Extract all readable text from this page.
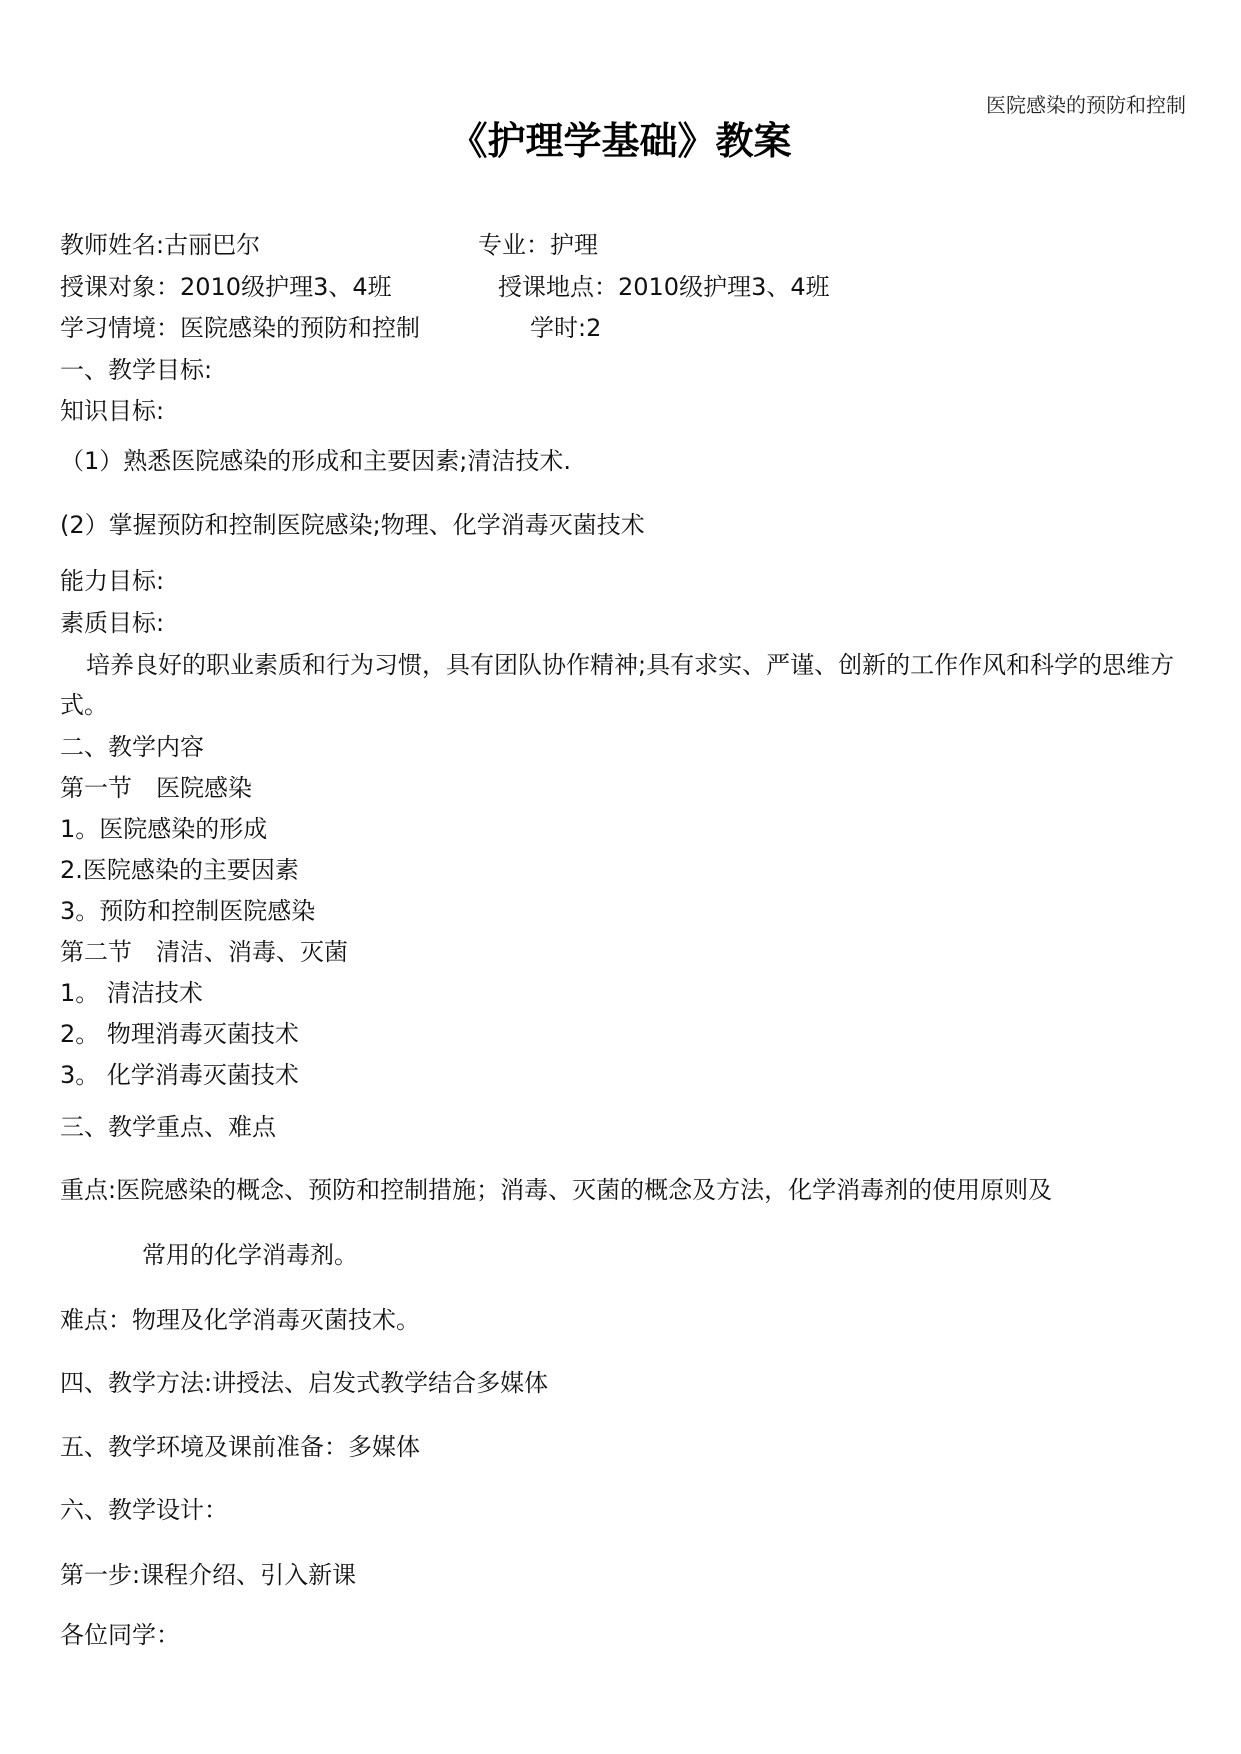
医院感染的预防和控制
《护理学基础》教案
教师姓名:古丽巴尔	专业：护理
授课对象：2010级护理3、4班	授课地点：2010级护理3、4班
学习情境：医院感染的预防和控制	学时:2
一、教学目标:
知识目标:
（1）熟悉医院感染的形成和主要因素;清洁技术.
(2）掌握预防和控制医院感染;物理、化学消毒灭菌技术
能力目标:
素质目标:
培养良好的职业素质和行为习惯，具有团队协作精神;具有求实、严谨、创新的工作作风和科学的思维方式。
二、教学内容
第一节　医院感染
1。医院感染的形成
2.医院感染的主要因素
3。预防和控制医院感染
第二节　清洁、消毒、灭菌
1。 清洁技术
2。 物理消毒灭菌技术
3。 化学消毒灭菌技术
三、教学重点、难点
重点:医院感染的概念、预防和控制措施；消毒、灭菌的概念及方法，化学消毒剂的使用原则及
常用的化学消毒剂。
难点：物理及化学消毒灭菌技术。
四、教学方法:讲授法、启发式教学结合多媒体
五、教学环境及课前准备：多媒体
六、教学设计：
第一步:课程介绍、引入新课
各位同学：
